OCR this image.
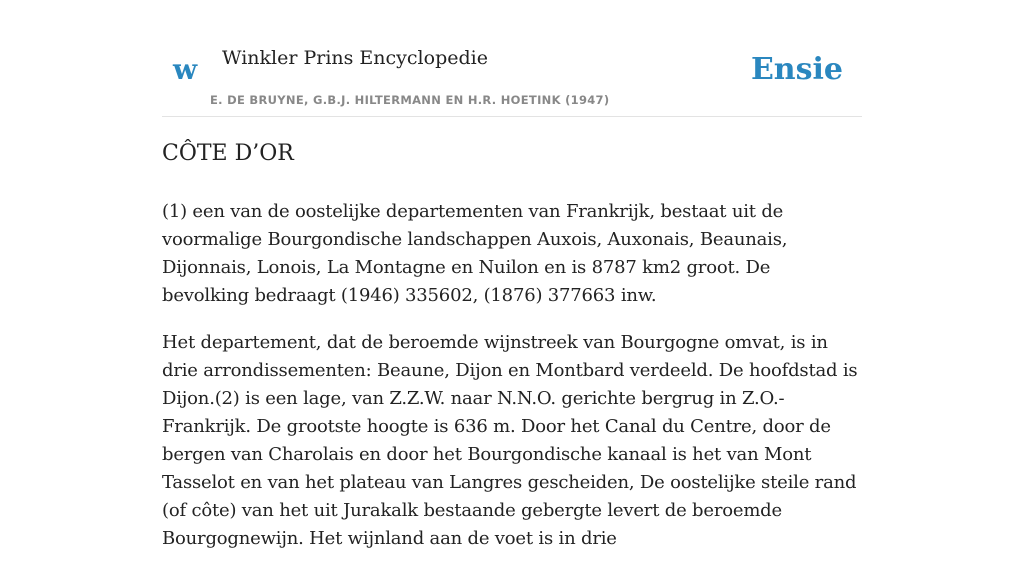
w Winkler Prins Encyclopedie
E. DE BRUYNE, G.B.J. HILTERMANN EN H.R. HOETINK (1947)
Ensie
CÔTE D’OR

(1) een van de oostelijke departementen van Frankrijk, bestaat uit de voormalige Bourgondische landschappen Auxois, Auxonais, Beaunais, Dijonnais, Lonois, La Montagne en Nuilon en is 8787 km2 groot. De bevolking bedraagt (1946) 335602, (1876) 377663 inw.

Het departement, dat de beroemde wijnstreek van Bourgogne omvat, is in drie arrondissementen: Beaune, Dijon en Montbard verdeeld. De hoofdstad is Dijon.(2) is een lage, van Z.Z.W. naar N.N.O. gerichte bergrug in Z.O.-Frankrijk. De grootste hoogte is 636 m. Door het Canal du Centre, door de bergen van Charolais en door het Bourgondische kanaal is het van Mont Tasselot en van het plateau van Langres gescheiden, De oostelijke steile rand (of côte) van het uit Jurakalk bestaande gebergte levert de beroemde Bourgognewijn. Het wijnland aan de voet is in drie
